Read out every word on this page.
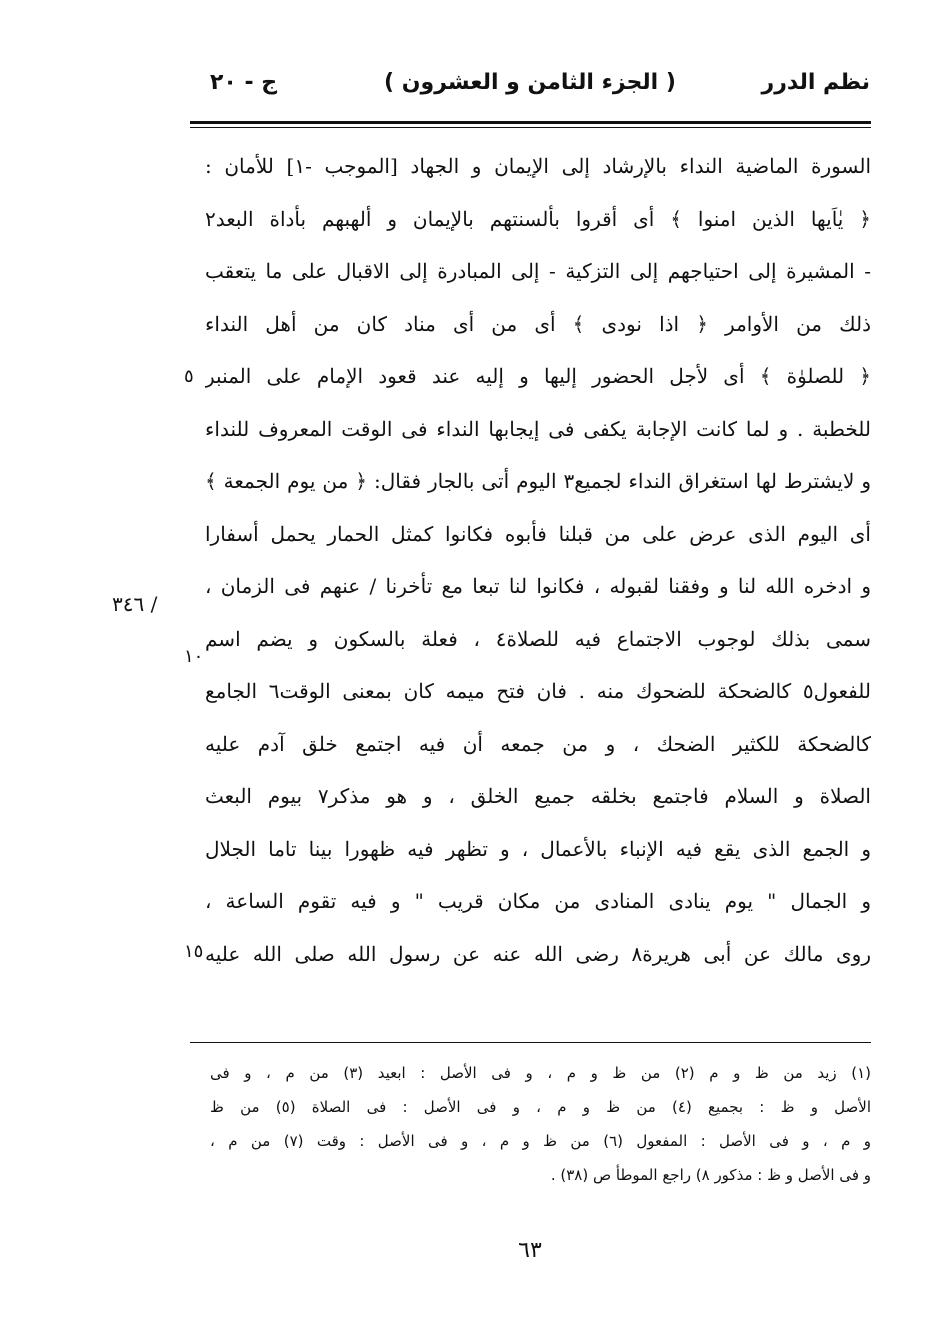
نظم الدرر
( الجزء الثامن و العشرون )
ج - ٢٠
السورة الماضية النداء بالإرشاد إلى الإيمان و الجهاد [الموجب -١] للأمان :
﴿ يٰاَيها الذين امنوا ﴾ أى أقروا بألسنتهم بالإيمان و ألهبهم بأداة البعد٢
- المشيرة إلى احتياجهم إلى التزكية - إلى المبادرة إلى الاقبال على ما يتعقب
ذلك من الأوامر ﴿ اذا نودى ﴾ أى من أى مناد كان من أهل النداء
﴿ للصلوٰة ﴾ أى لأجل الحضور إليها و إليه عند قعود الإمام على المنبر
للخطبة . و لما كانت الإجابة يكفى فى إيجابها النداء فى الوقت المعروف للنداء
و لايشترط لها استغراق النداء لجميع٣ اليوم أتى بالجار فقال: ﴿ من يوم الجمعة ﴾
أى اليوم الذى عرض على من قبلنا فأبوه فكانوا كمثل الحمار يحمل أسفارا
و ادخره الله لنا و وفقنا لقبوله ، فكانوا لنا تبعا مع تأخرنا / عنهم فى الزمان ،
سمى بذلك لوجوب الاجتماع فيه للصلاة٤ ، فعلة بالسكون و يضم اسم
للفعول٥ كالضحكة للضحوك منه . فان فتح ميمه كان بمعنى الوقت٦ الجامع
كالضحكة للكثير الضحك ، و من جمعه أن فيه اجتمع خلق آدم عليه
الصلاة و السلام فاجتمع بخلقه جميع الخلق ، و هو مذكر٧ بيوم البعث
و الجمع الذى يقع فيه الإنباء بالأعمال ، و تظهر فيه ظهورا بينا تاما الجلال
و الجمال " يوم ينادى المنادى من مكان قريب " و فيه تقوم الساعة ،
روى مالك عن أبى هريرة٨ رضى الله عنه عن رسول الله صلى الله عليه
٥
١٠
١٥
/ ٣٤٦
(١) زيد من ظ و م (٢) من ظ و م ، و فى الأصل : ابعيد (٣) من م ، و فى
الأصل و ظ : بجميع (٤) من ظ و م ، و فى الأصل : فى الصلاة (٥) من ظ
و م ، و فى الأصل : المفعول (٦) من ظ و م ، و فى الأصل : وقت (٧) من م ،
و فى الأصل و ظ : مذكور ٨) راجع الموطأ ص (٣٨) .
٦٣
